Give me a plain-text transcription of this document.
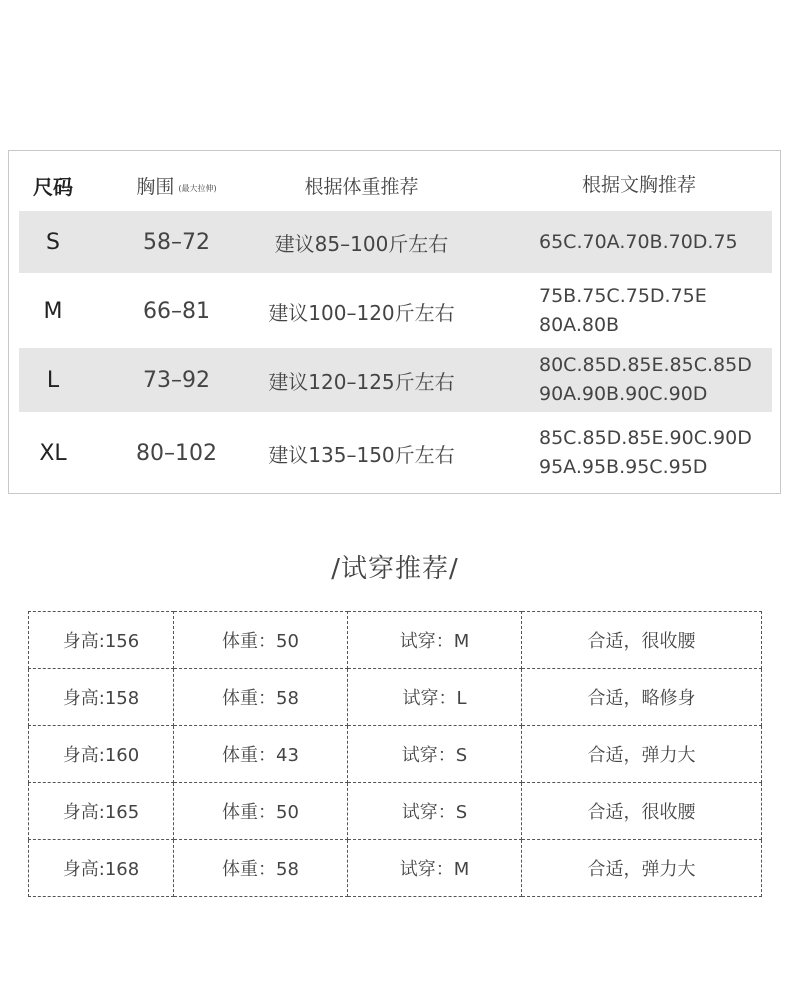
尺码	胸围 (最大拉伸)	根据体重推荐	根据文胸推荐
S	58–72	建议85–100斤左右	65C.70A.70B.70D.75
M	66–81	建议100–120斤左右
75B.75C.75D.75E
80A.80B
L	73–92	建议120–125斤左右
80C.85D.85E.85C.85D
90A.90B.90C.90D
XL	80–102	建议135–150斤左右
85C.85D.85E.90C.90D
95A.95B.95C.95D
/试穿推荐/
身高:156	体重：50	试穿：M	合适，很收腰
身高:158	体重：58	试穿：L	合适，略修身
身高:160	体重：43	试穿：S	合适，弹力大
身高:165	体重：50	试穿：S	合适，很收腰
身高:168	体重：58	试穿：M	合适，弹力大
